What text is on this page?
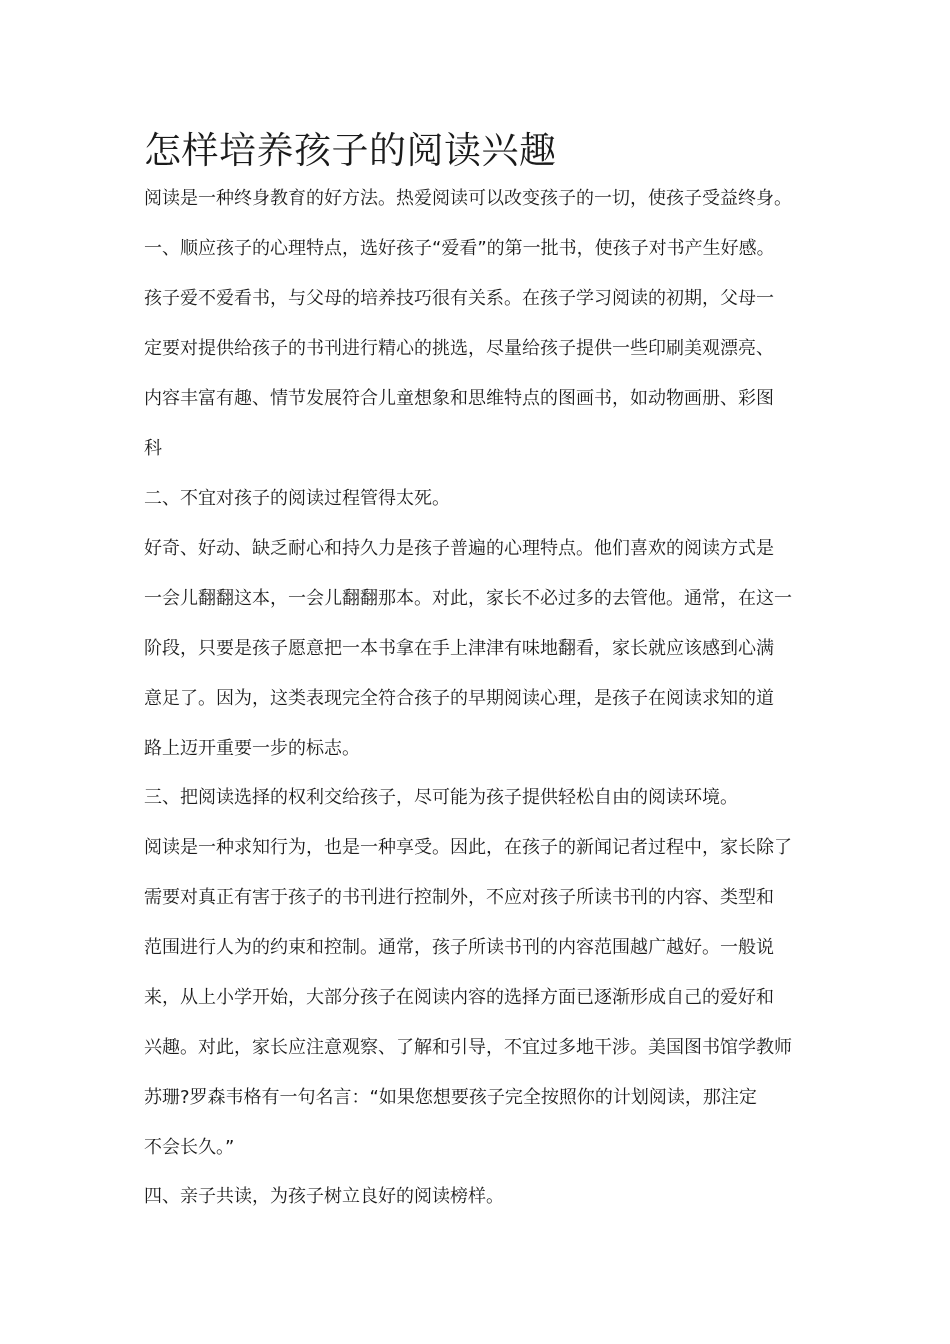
怎样培养孩子的阅读兴趣

阅读是一种终身教育的好方法。热爱阅读可以改变孩子的一切，使孩子受益终身。

一、顺应孩子的心理特点，选好孩子“爱看”的第一批书，使孩子对书产生好感。

孩子爱不爱看书，与父母的培养技巧很有关系。在孩子学习阅读的初期，父母一
定要对提供给孩子的书刊进行精心的挑选，尽量给孩子提供一些印刷美观漂亮、
内容丰富有趣、情节发展符合儿童想象和思维特点的图画书，如动物画册、彩图
科

二、不宜对孩子的阅读过程管得太死。

好奇、好动、缺乏耐心和持久力是孩子普遍的心理特点。他们喜欢的阅读方式是
一会儿翻翻这本，一会儿翻翻那本。对此，家长不必过多的去管他。通常，在这一
阶段，只要是孩子愿意把一本书拿在手上津津有味地翻看，家长就应该感到心满
意足了。因为，这类表现完全符合孩子的早期阅读心理，是孩子在阅读求知的道
路上迈开重要一步的标志。

三、把阅读选择的权利交给孩子，尽可能为孩子提供轻松自由的阅读环境。

阅读是一种求知行为，也是一种享受。因此，在孩子的新闻记者过程中，家长除了
需要对真正有害于孩子的书刊进行控制外，不应对孩子所读书刊的内容、类型和
范围进行人为的约束和控制。通常，孩子所读书刊的内容范围越广越好。一般说
来，从上小学开始，大部分孩子在阅读内容的选择方面已逐渐形成自己的爱好和
兴趣。对此，家长应注意观察、了解和引导，不宜过多地干涉。美国图书馆学教师
苏珊?罗森韦格有一句名言：“如果您想要孩子完全按照你的计划阅读，那注定
不会长久。”

四、亲子共读，为孩子树立良好的阅读榜样。
